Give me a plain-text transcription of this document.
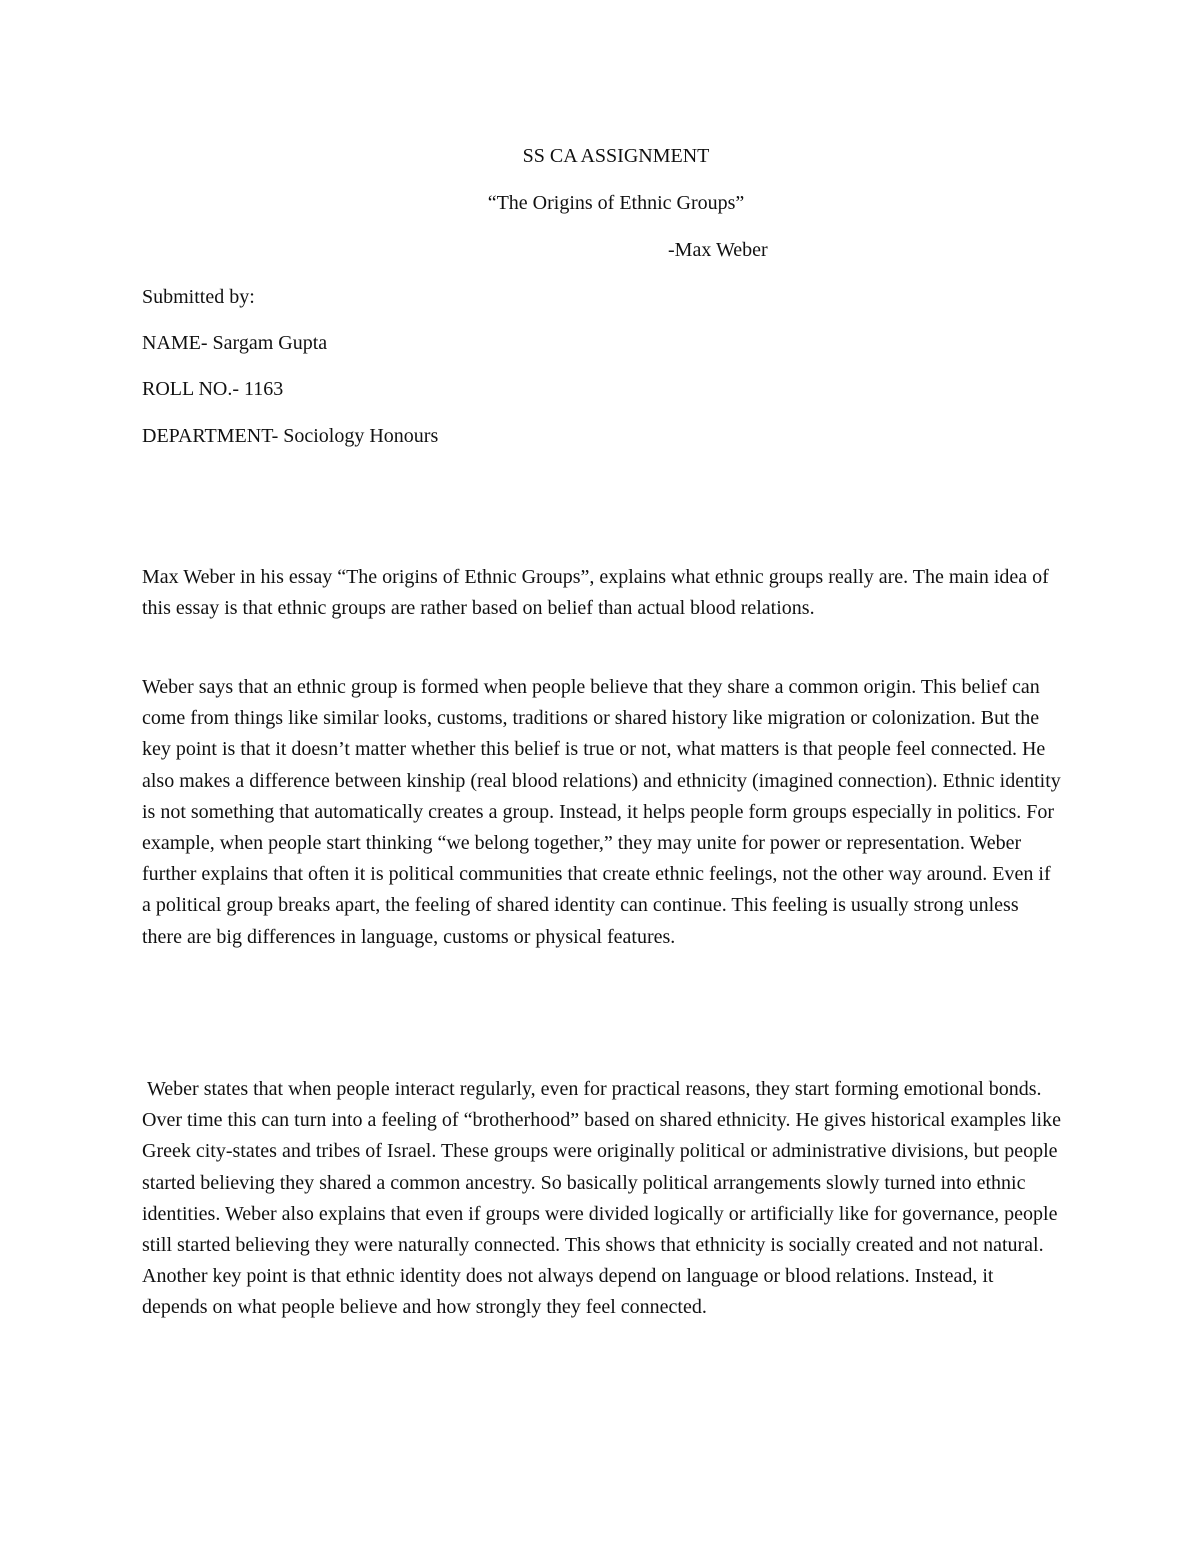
SS CA ASSIGNMENT
“The Origins of Ethnic Groups”
-Max Weber
Submitted by:
NAME- Sargam Gupta
ROLL NO.- 1163
DEPARTMENT- Sociology Honours

Max Weber in his essay “The origins of Ethnic Groups”, explains what ethnic groups really are. The main idea of this essay is that ethnic groups are rather based on belief than actual blood relations.

Weber says that an ethnic group is formed when people believe that they share a common origin. This belief can come from things like similar looks, customs, traditions or shared history like migration or colonization. But the key point is that it doesn’t matter whether this belief is true or not, what matters is that people feel connected. He also makes a difference between kinship (real blood relations) and ethnicity (imagined connection). Ethnic identity is not something that automatically creates a group. Instead, it helps people form groups especially in politics. For example, when people start thinking “we belong together,” they may unite for power or representation. Weber further explains that often it is political communities that create ethnic feelings, not the other way around. Even if a political group breaks apart, the feeling of shared identity can continue. This feeling is usually strong unless there are big differences in language, customs or physical features.

Weber states that when people interact regularly, even for practical reasons, they start forming emotional bonds. Over time this can turn into a feeling of “brotherhood” based on shared ethnicity. He gives historical examples like Greek city-states and tribes of Israel. These groups were originally political or administrative divisions, but people started believing they shared a common ancestry. So basically political arrangements slowly turned into ethnic identities. Weber also explains that even if groups were divided logically or artificially like for governance, people still started believing they were naturally connected. This shows that ethnicity is socially created and not natural. Another key point is that ethnic identity does not always depend on language or blood relations. Instead, it depends on what people believe and how strongly they feel connected.
